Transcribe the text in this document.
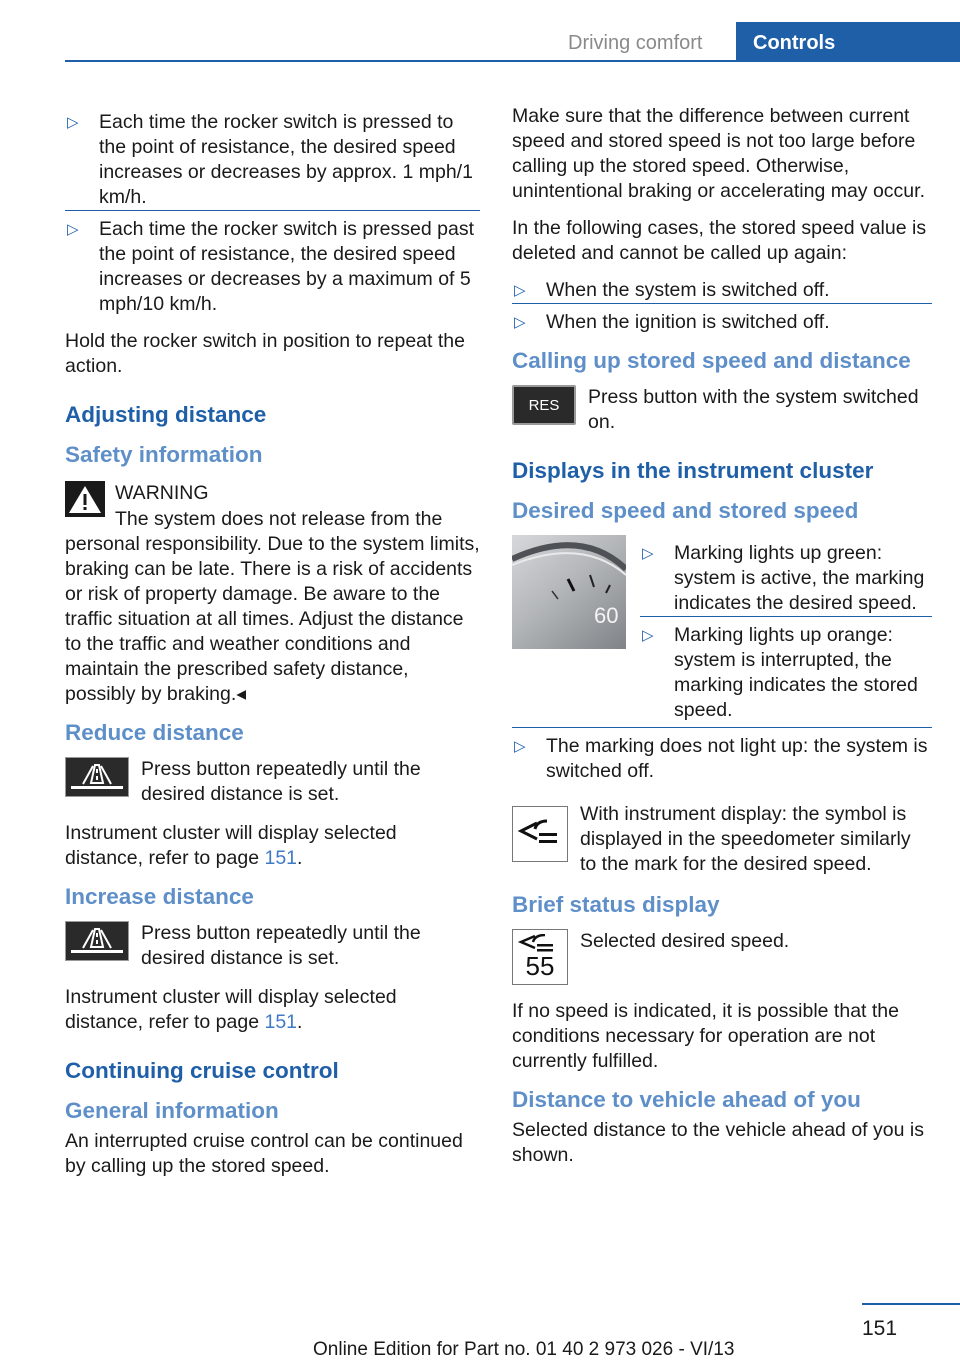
Driving comfort	Controls
▷ Each time the rocker switch is pressed to the point of resistance, the desired speed increases or decreases by approx. 1 mph/1 km/h.
▷ Each time the rocker switch is pressed past the point of resistance, the desired speed increases or decreases by a maximum of 5 mph/10 km/h.

Hold the rocker switch in position to repeat the action.

Adjusting distance
Safety information
WARNING
The system does not release from the
personal responsibility. Due to the system limits, braking can be late. There is a risk of accidents or risk of property damage. Be aware to the traffic situation at all times. Adjust the distance to the traffic and weather conditions and maintain the prescribed safety distance, possibly by braking.◂
Reduce distance
Press button repeatedly until the desired distance is set.

Instrument cluster will display selected distance, refer to page 151.

Increase distance
Press button repeatedly until the desired distance is set.

Instrument cluster will display selected distance, refer to page 151.

Continuing cruise control
General information

An interrupted cruise control can be continued by calling up the stored speed.

Make sure that the difference between current speed and stored speed is not too large before calling up the stored speed. Otherwise, unintentional braking or accelerating may occur.

In the following cases, the stored speed value is deleted and cannot be called up again:

▷ When the system is switched off.
▷ When the ignition is switched off.
Calling up stored speed and distance
RES	Press button with the system switched on.
Displays in the instrument cluster
Desired speed and stored speed
60
▷ Marking lights up green: system is active, the marking indicates the desired speed.
▷ Marking lights up orange: system is interrupted, the marking indicates the stored speed.
▷ The marking does not light up: the system is switched off.
With instrument display: the symbol is displayed in the speedometer similarly to the mark for the desired speed.
Brief status display
55
Selected desired speed.

If no speed is indicated, it is possible that the conditions necessary for operation are not currently fulfilled.

Distance to vehicle ahead of you

Selected distance to the vehicle ahead of you is shown.

151
Online Edition for Part no. 01 40 2 973 026 - VI/13
